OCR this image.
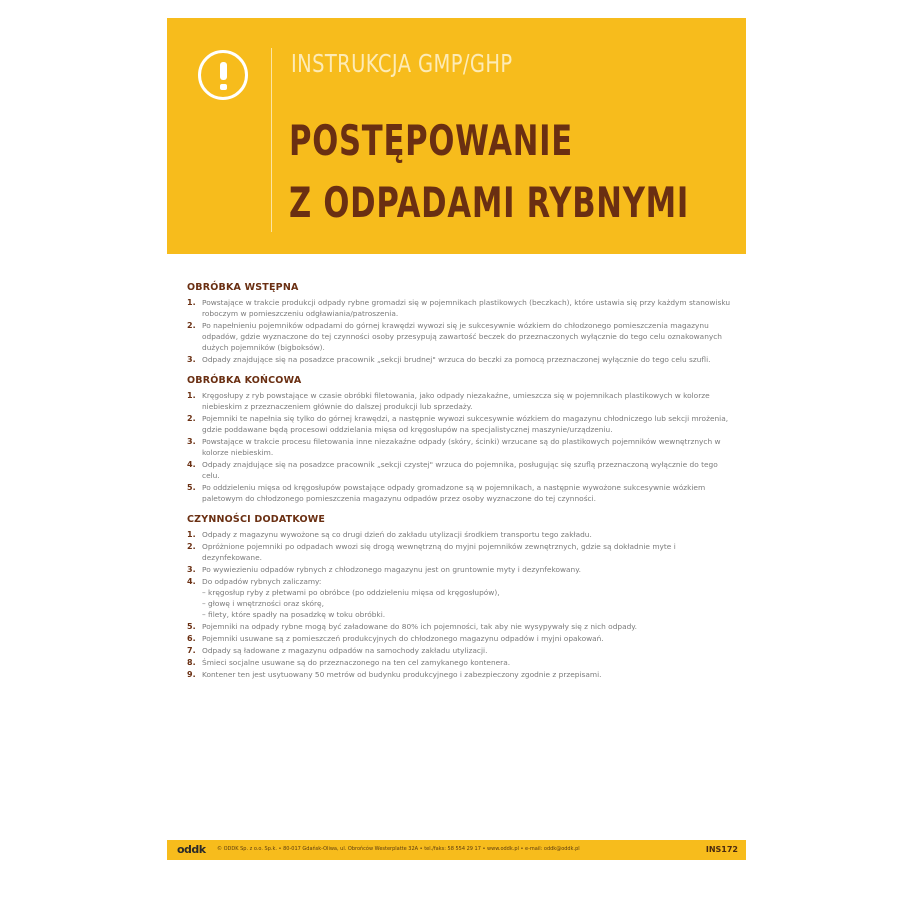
INSTRUKCJA GMP/GHP
POSTĘPOWANIE
Z ODPADAMI RYBNYMI
OBRÓBKA WSTĘPNA
1. Powstające w trakcie produkcji odpady rybne gromadzi się w pojemnikach plastikowych (beczkach), które ustawia się przy każdym stanowisku roboczym w pomieszczeniu odgławiania/patroszenia.
2. Po napełnieniu pojemników odpadami do górnej krawędzi wywozi się je sukcesywnie wózkiem do chłodzonego pomieszczenia magazynu odpadów, gdzie wyznaczone do tej czynności osoby przesypują zawartość beczek do przeznaczonych wyłącznie do tego celu oznakowanych dużych pojemników (bigboksów).
3. Odpady znajdujące się na posadzce pracownik „sekcji brudnej" wrzuca do beczki za pomocą przeznaczonej wyłącznie do tego celu szufli.
OBRÓBKA KOŃCOWA
1. Kręgosłupy z ryb powstające w czasie obróbki filetowania, jako odpady niezakaźne, umieszcza się w pojemnikach plastikowych w kolorze niebieskim z przeznaczeniem głównie do dalszej produkcji lub sprzedaży.
2. Pojemniki te napełnia się tylko do górnej krawędzi, a następnie wywozi sukcesywnie wózkiem do magazynu chłodniczego lub sekcji mrożenia, gdzie poddawane będą procesowi oddzielania mięsa od kręgosłupów na specjalistycznej maszynie/urządzeniu.
3. Powstające w trakcie procesu filetowania inne niezakaźne odpady (skóry, ścinki) wrzucane są do plastikowych pojemników wewnętrznych w kolorze niebieskim.
4. Odpady znajdujące się na posadzce pracownik „sekcji czystej" wrzuca do pojemnika, posługując się szuflą przeznaczoną wyłącznie do tego celu.
5. Po oddzieleniu mięsa od kręgosłupów powstające odpady gromadzone są w pojemnikach, a następnie wywożone sukcesywnie wózkiem paletowym do chłodzonego pomieszczenia magazynu odpadów przez osoby wyznaczone do tej czynności.
CZYNNOŚCI DODATKOWE
1. Odpady z magazynu wywożone są co drugi dzień do zakładu utylizacji środkiem transportu tego zakładu.
2. Opróżnione pojemniki po odpadach wwozi się drogą wewnętrzną do myjni pojemników zewnętrznych, gdzie są dokładnie myte i dezynfekowane.
3. Po wywiezieniu odpadów rybnych z chłodzonego magazynu jest on gruntownie myty i dezynfekowany.
4. Do odpadów rybnych zaliczamy:
– kręgosłup ryby z płetwami po obróbce (po oddzieleniu mięsa od kręgosłupów),
– głowę i wnętrzności oraz skórę,
– filety, które spadły na posadzkę w toku obróbki.
5. Pojemniki na odpady rybne mogą być załadowane do 80% ich pojemności, tak aby nie wysypywały się z nich odpady.
6. Pojemniki usuwane są z pomieszczeń produkcyjnych do chłodzonego magazynu odpadów i myjni opakowań.
7. Odpady są ładowane z magazynu odpadów na samochody zakładu utylizacji.
8. Śmieci socjalne usuwane są do przeznaczonego na ten cel zamykanego kontenera.
9. Kontener ten jest usytuowany 50 metrów od budynku produkcyjnego i zabezpieczony zgodnie z przepisami.
oddk © ODDK Sp. z o.o. Sp.k. • 80-017 Gdańsk-Oliwa, ul. Obrońców Westerplatte 32A • tel./faks: 58 554 29 17 • www.oddk.pl • e-mail: oddk@oddk.pl	INS172
